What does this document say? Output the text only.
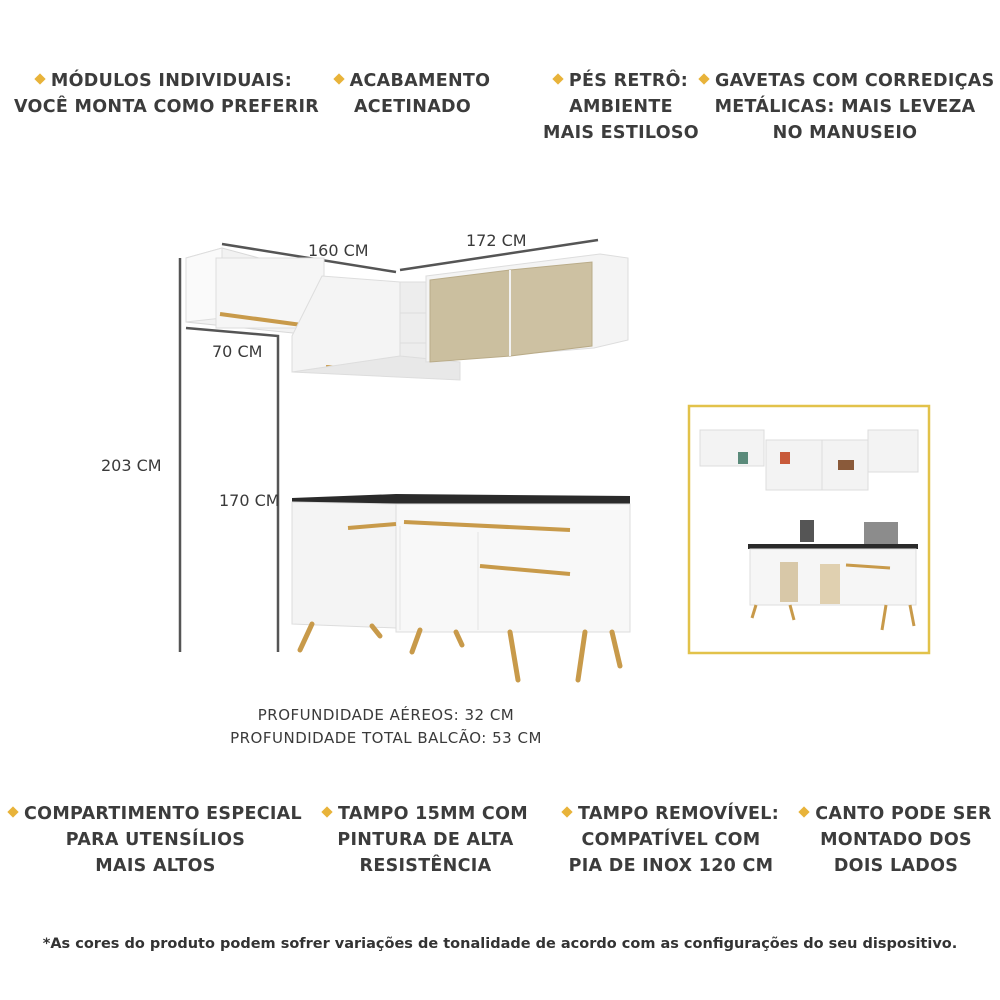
MÓDULOS INDIVIDUAIS:
VOCÊ MONTA COMO PREFERIR
ACABAMENTO
ACETINADO
PÉS RETRÔ:
AMBIENTE
MAIS ESTILOSO
GAVETAS COM CORREDIÇAS
METÁLICAS: MAIS LEVEZA
NO MANUSEIO
160 CM
172 CM
70 CM
203 CM
170 CM
PROFUNDIDADE AÉREOS: 32 CM
PROFUNDIDADE TOTAL BALCÃO: 53 CM
COMPARTIMENTO ESPECIAL
PARA UTENSÍLIOS
MAIS ALTOS
TAMPO 15MM COM
PINTURA DE ALTA
RESISTÊNCIA
TAMPO REMOVÍVEL:
COMPATÍVEL COM
PIA DE INOX 120 CM
CANTO PODE SER
MONTADO DOS
DOIS LADOS
*As cores do produto podem sofrer variações de tonalidade de acordo com as configurações do seu dispositivo.
